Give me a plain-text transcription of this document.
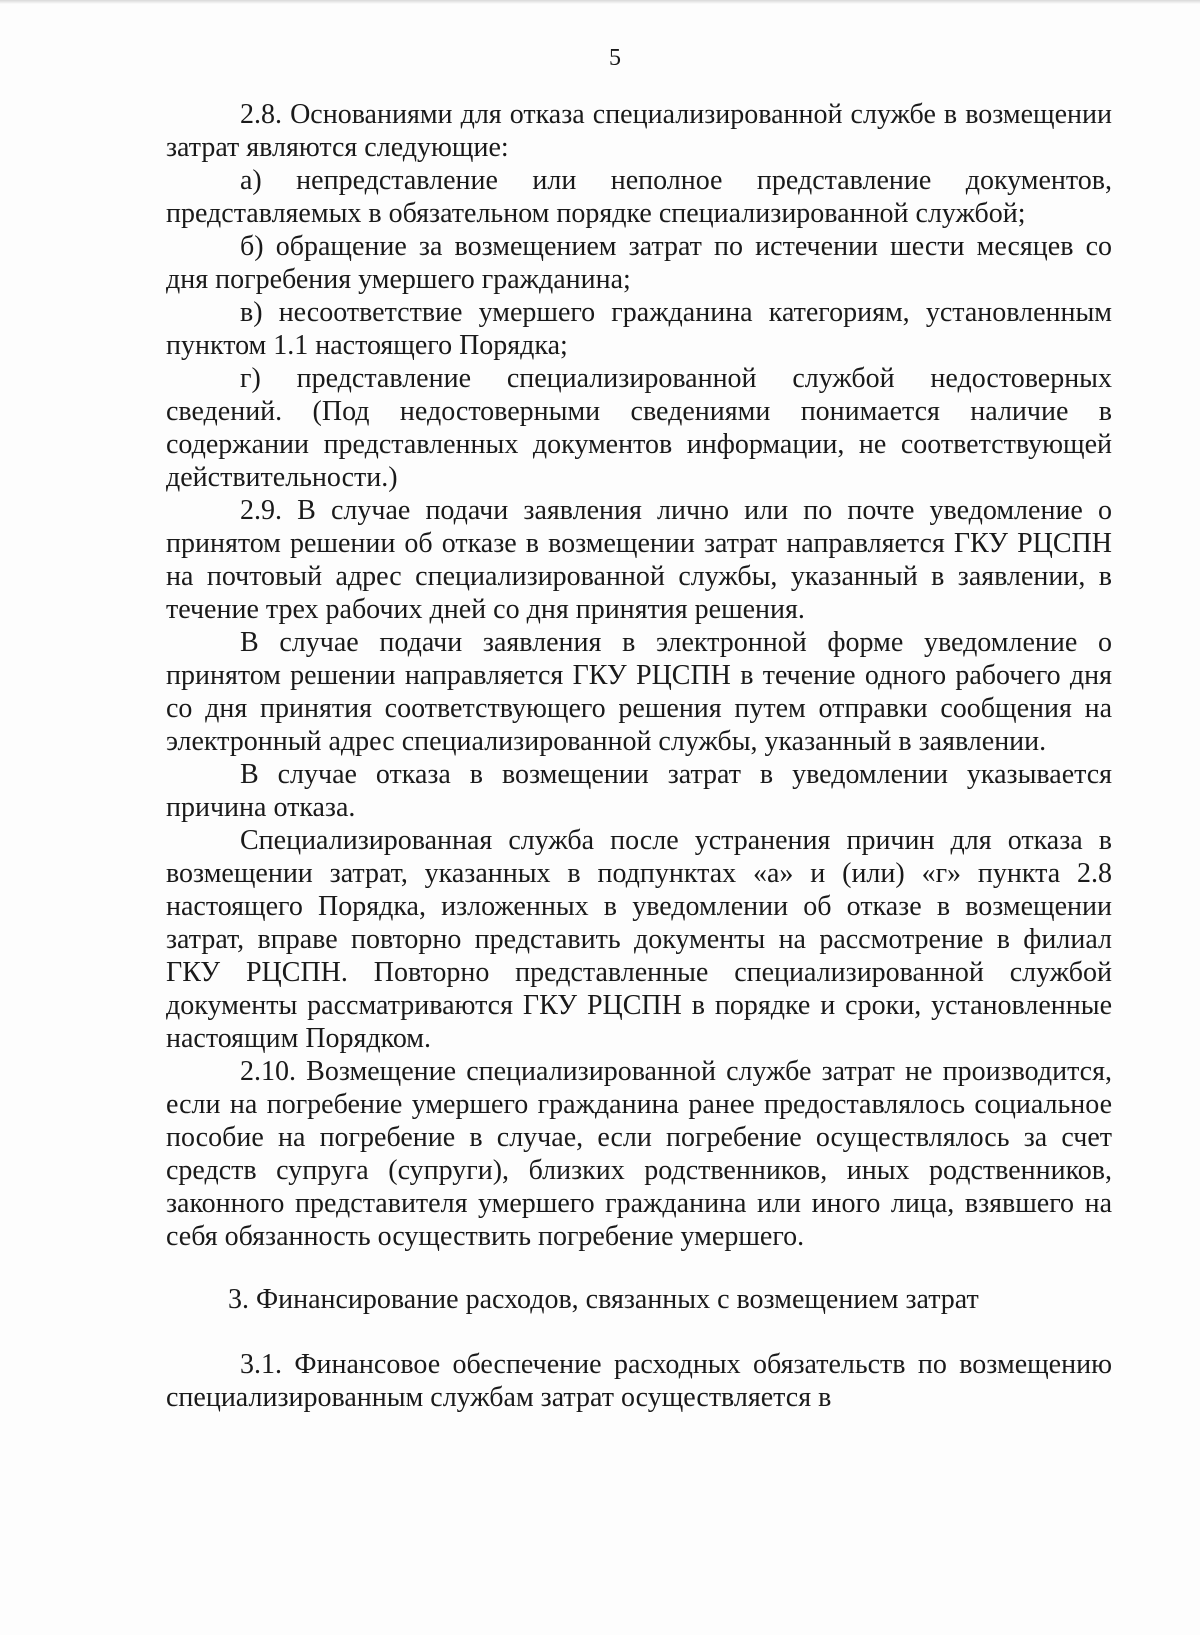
5

2.8. Основаниями для отказа специализированной службе в возмещении затрат являются следующие:

а) непредставление или неполное представление документов, представляемых в обязательном порядке специализированной службой;

б) обращение за возмещением затрат по истечении шести месяцев со дня погребения умершего гражданина;

в) несоответствие умершего гражданина категориям, установленным пунктом 1.1 настоящего Порядка;

г) представление специализированной службой недостоверных сведений. (Под недостоверными сведениями понимается наличие в содержании представленных документов информации, не соответствующей действительности.)

2.9. В случае подачи заявления лично или по почте уведомление о принятом решении об отказе в возмещении затрат направляется ГКУ РЦСПН на почтовый адрес специализированной службы, указанный в заявлении, в течение трех рабочих дней со дня принятия решения.

В случае подачи заявления в электронной форме уведомление о принятом решении направляется ГКУ РЦСПН в течение одного рабочего дня со дня принятия соответствующего решения путем отправки сообщения на электронный адрес специализированной службы, указанный в заявлении.

В случае отказа в возмещении затрат в уведомлении указывается причина отказа.

Специализированная служба после устранения причин для отказа в возмещении затрат, указанных в подпунктах «а» и (или) «г» пункта 2.8 настоящего Порядка, изложенных в уведомлении об отказе в возмещении затрат, вправе повторно представить документы на рассмотрение в филиал ГКУ РЦСПН. Повторно представленные специализированной службой документы рассматриваются ГКУ РЦСПН в порядке и сроки, установленные настоящим Порядком.

2.10. Возмещение специализированной службе затрат не производится, если на погребение умершего гражданина ранее предоставлялось социальное пособие на погребение в случае, если погребение осуществлялось за счет средств супруга (супруги), близких родственников, иных родственников, законного представителя умершего гражданина или иного лица, взявшего на себя обязанность осуществить погребение умершего.

3. Финансирование расходов, связанных с возмещением затрат

3.1. Финансовое обеспечение расходных обязательств по возмещению специализированным службам затрат осуществляется в
